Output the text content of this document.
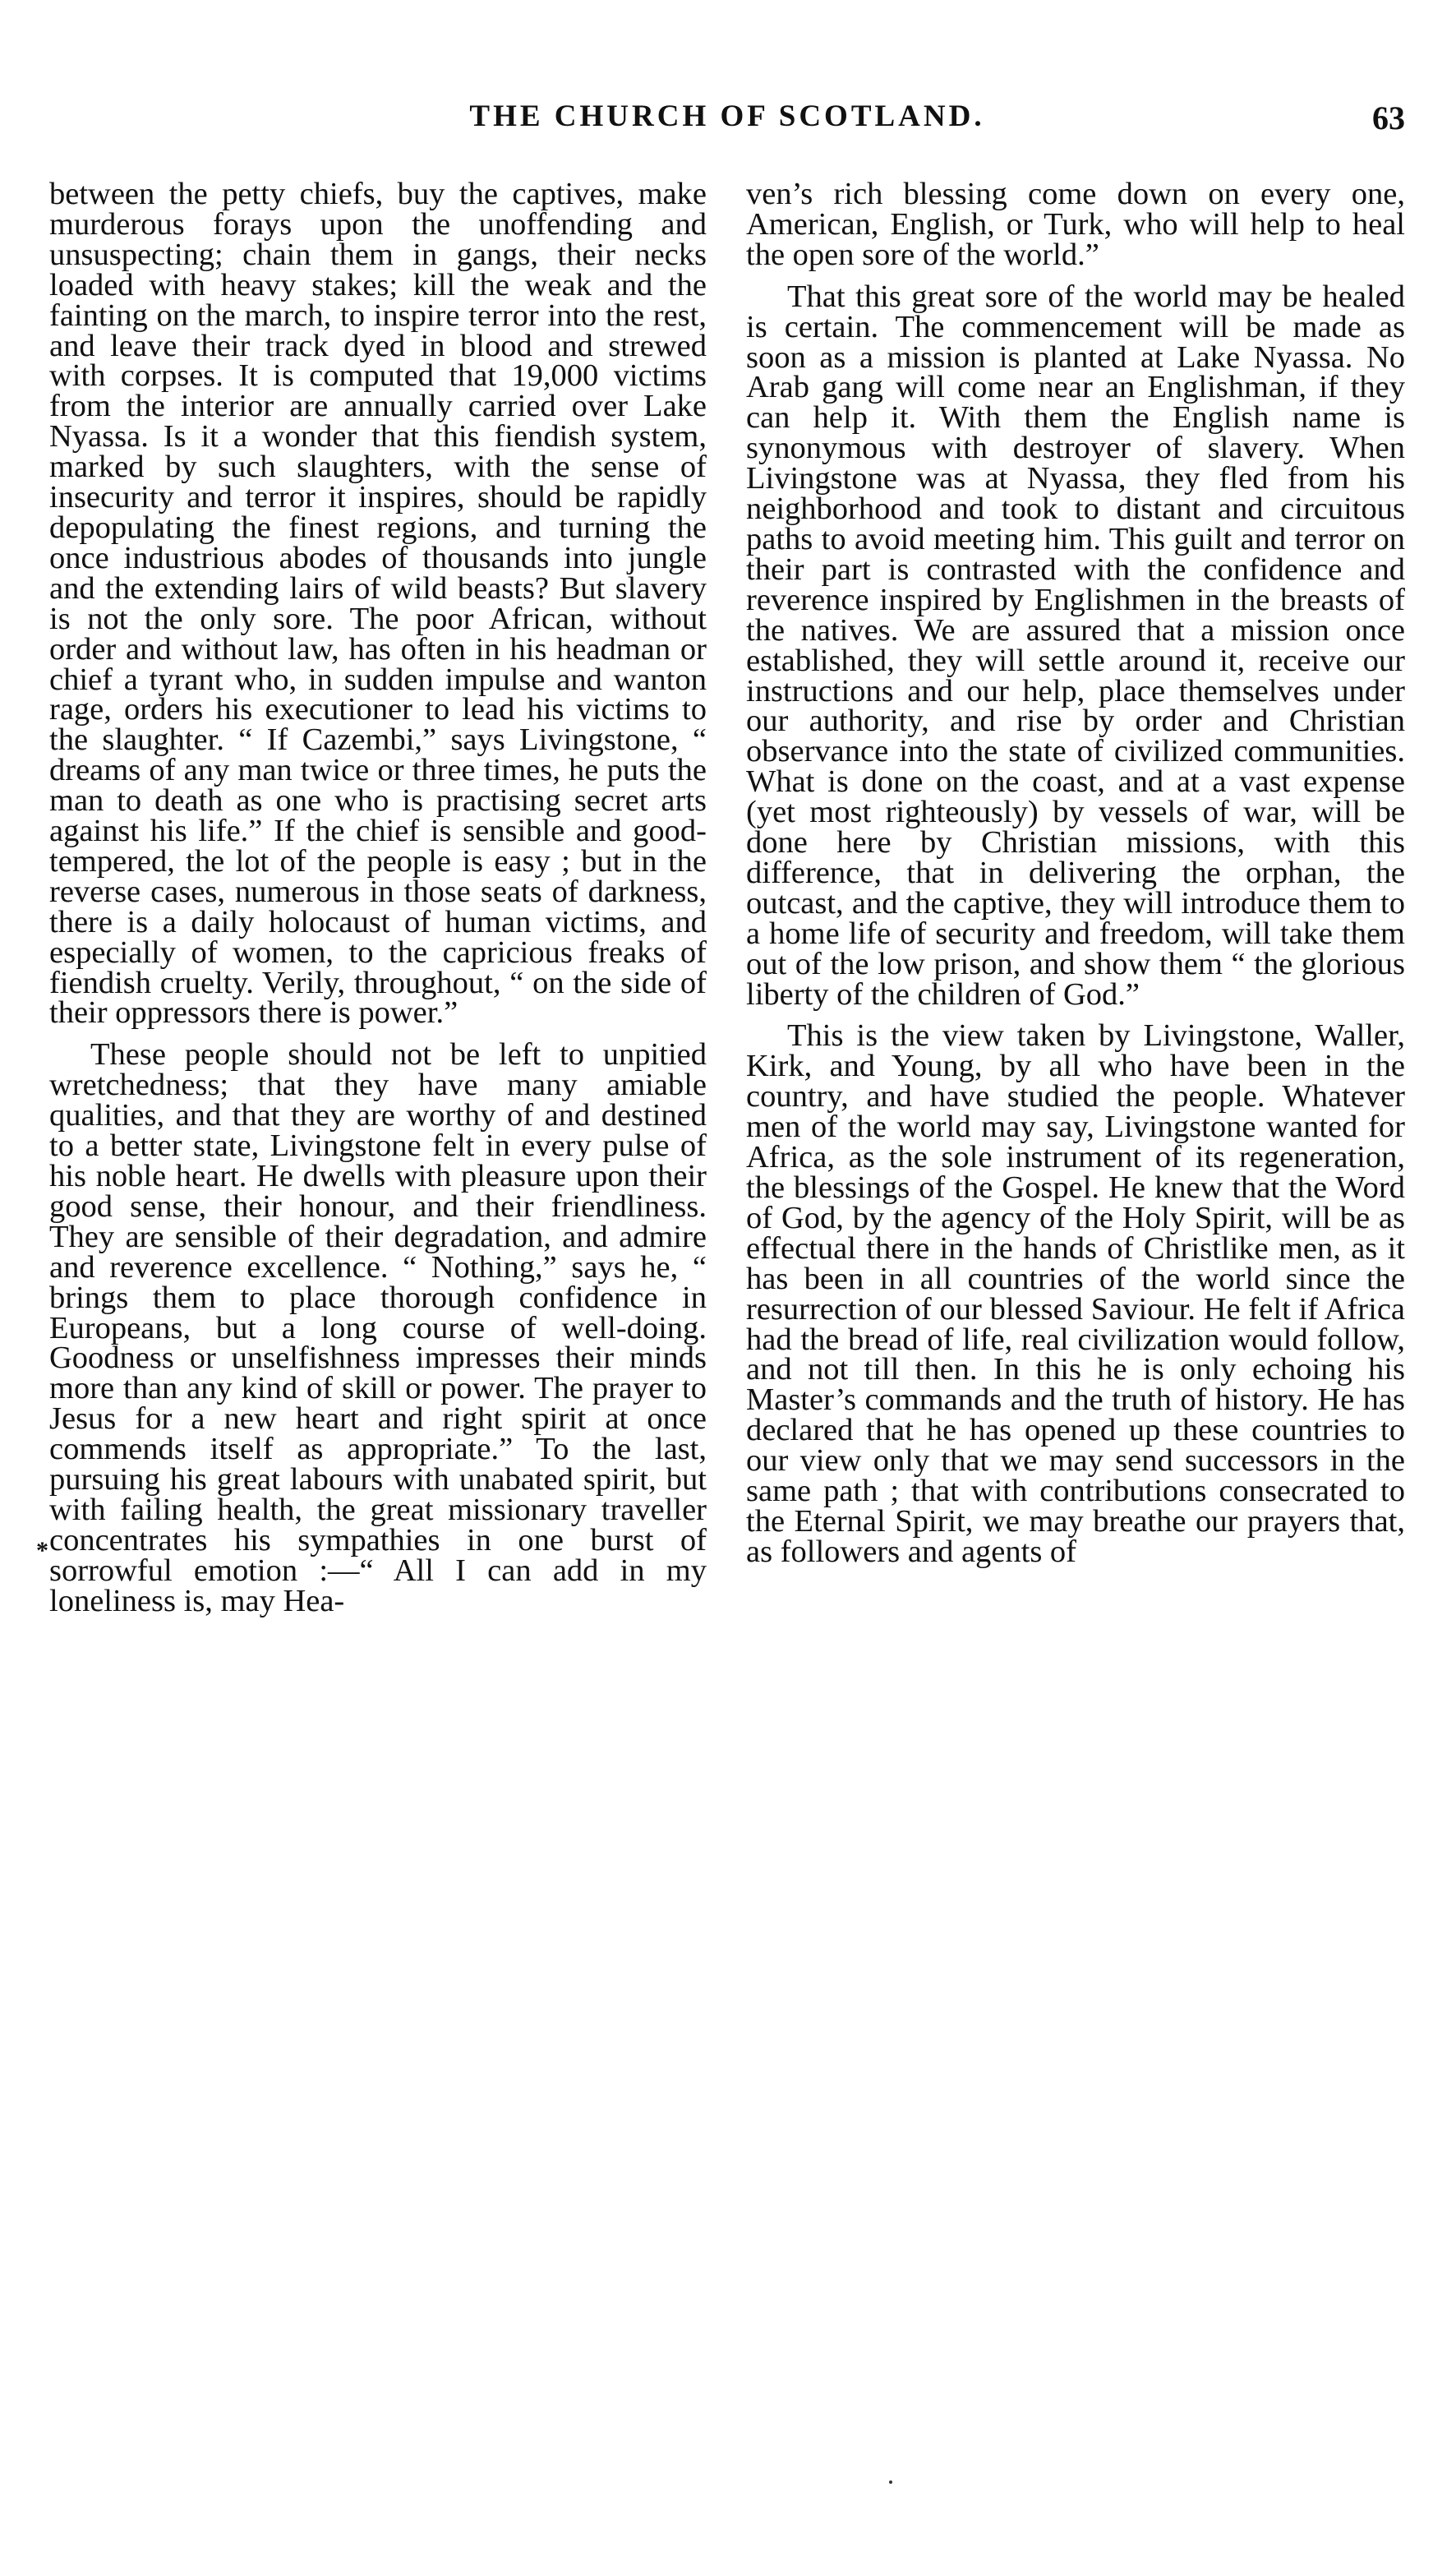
THE CHURCH OF SCOTLAND.	63

between the petty chiefs, buy the captives, make murderous forays upon the unoffending and unsuspecting; chain them in gangs, their necks loaded with heavy stakes; kill the weak and the fainting on the march, to inspire terror into the rest, and leave their track dyed in blood and strewed with corpses. It is computed that 19,000 victims from the interior are annually carried over Lake Nyassa. Is it a wonder that this fiendish system, marked by such slaughters, with the sense of insecurity and terror it inspires, should be rapidly depopulating the finest regions, and turning the once industrious abodes of thousands into jungle and the extending lairs of wild beasts? But slavery is not the only sore. The poor African, without order and without law, has often in his headman or chief a tyrant who, in sudden impulse and wanton rage, orders his executioner to lead his victims to the slaughter. “ If Cazembi,” says Livingstone, “ dreams of any man twice or three times, he puts the man to death as one who is practising secret arts against his life.” If the chief is sensible and good-tempered, the lot of the people is easy ; but in the reverse cases, numerous in those seats of darkness, there is a daily holocaust of human victims, and especially of women, to the capricious freaks of fiendish cruelty. Verily, throughout, “ on the side of their oppressors there is power.”

These people should not be left to unpitied wretchedness; that they have many amiable qualities, and that they are worthy of and destined to a better state, Livingstone felt in every pulse of his noble heart. He dwells with pleasure upon their good sense, their honour, and their friendliness. They are sensible of their degradation, and admire and reverence excellence. “ Nothing,” says he, “ brings them to place thorough confidence in Europeans, but a long course of well-doing. Goodness or unselfishness impresses their minds more than any kind of skill or power. The prayer to Jesus for a new heart and right spirit at once commends itself as appropriate.” To the last, pursuing his great labours with unabated spirit, but with failing health, the great missionary traveller concentrates his sympathies in one burst of sorrowful emotion :—“ All I can add in my loneliness is, may Hea-

*

ven’s rich blessing come down on every one, American, English, or Turk, who will help to heal the open sore of the world.”

That this great sore of the world may be healed is certain. The commencement will be made as soon as a mission is planted at Lake Nyassa. No Arab gang will come near an Englishman, if they can help it. With them the English name is synonymous with destroyer of slavery. When Livingstone was at Nyassa, they fled from his neighborhood and took to distant and circuitous paths to avoid meeting him. This guilt and terror on their part is contrasted with the confidence and reverence inspired by Englishmen in the breasts of the natives. We are assured that a mission once established, they will settle around it, receive our instructions and our help, place themselves under our authority, and rise by order and Christian observance into the state of civilized communities. What is done on the coast, and at a vast expense (yet most righteously) by vessels of war, will be done here by Christian missions, with this difference, that in delivering the orphan, the outcast, and the captive, they will introduce them to a home life of security and freedom, will take them out of the low prison, and show them “ the glorious liberty of the children of God.”

This is the view taken by Livingstone, Waller, Kirk, and Young, by all who have been in the country, and have studied the people. Whatever men of the world may say, Livingstone wanted for Africa, as the sole instrument of its regeneration, the blessings of the Gospel. He knew that the Word of God, by the agency of the Holy Spirit, will be as effectual there in the hands of Christlike men, as it has been in all countries of the world since the resurrection of our blessed Saviour. He felt if Africa had the bread of life, real civilization would follow, and not till then. In this he is only echoing his Master’s commands and the truth of history. He has declared that he has opened up these countries to our view only that we may send successors in the same path ; that with contributions consecrated to the Eternal Spirit, we may breathe our prayers that, as followers and agents of
